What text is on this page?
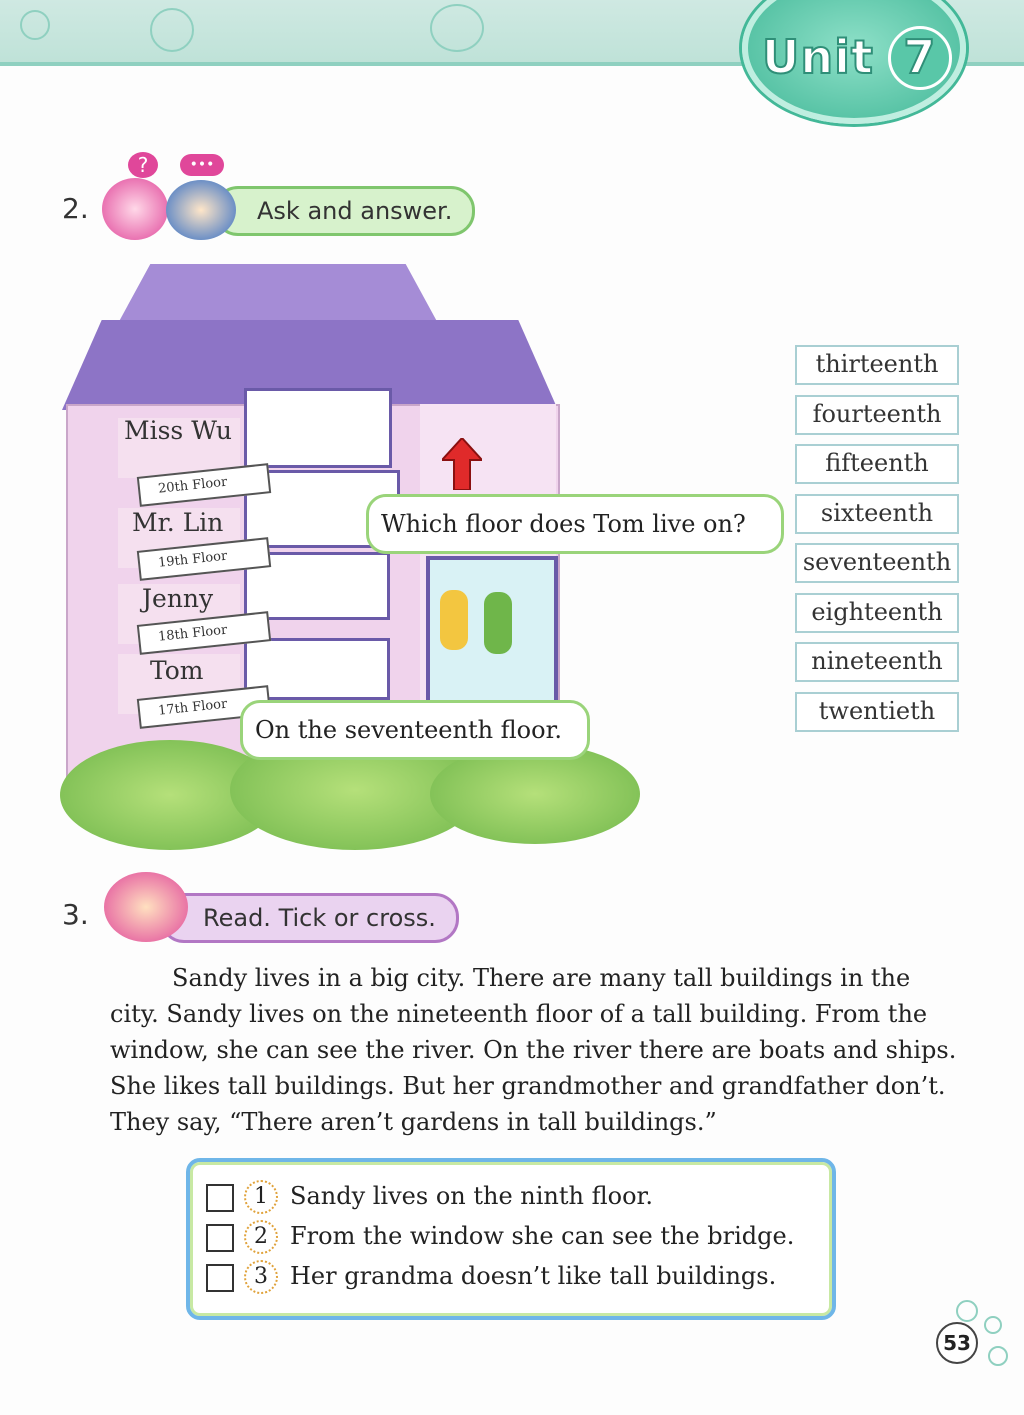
Unit 7
2.	Ask and answer.
?	•••
Miss Wu
20th Floor
Mr. Lin
19th Floor
Jenny
18th Floor
Tom
17th Floor
Which floor does Tom live on?
On the seventeenth floor.
thirteenth
fourteenth
fifteenth
sixteenth
seventeenth
eighteenth
nineteenth
twentieth
3.	Read. Tick or cross.

Sandy lives in a big city. There are many tall buildings in the

city. Sandy lives on the nineteenth floor of a tall building. From the

window, she can see the river. On the river there are boats and ships.

She likes tall buildings. But her grandmother and grandfather don’t.

They say, “There aren’t gardens in tall buildings.”

1 Sandy lives on the ninth floor.
2 From the window she can see the bridge.
3 Her grandma doesn’t like tall buildings.
53
